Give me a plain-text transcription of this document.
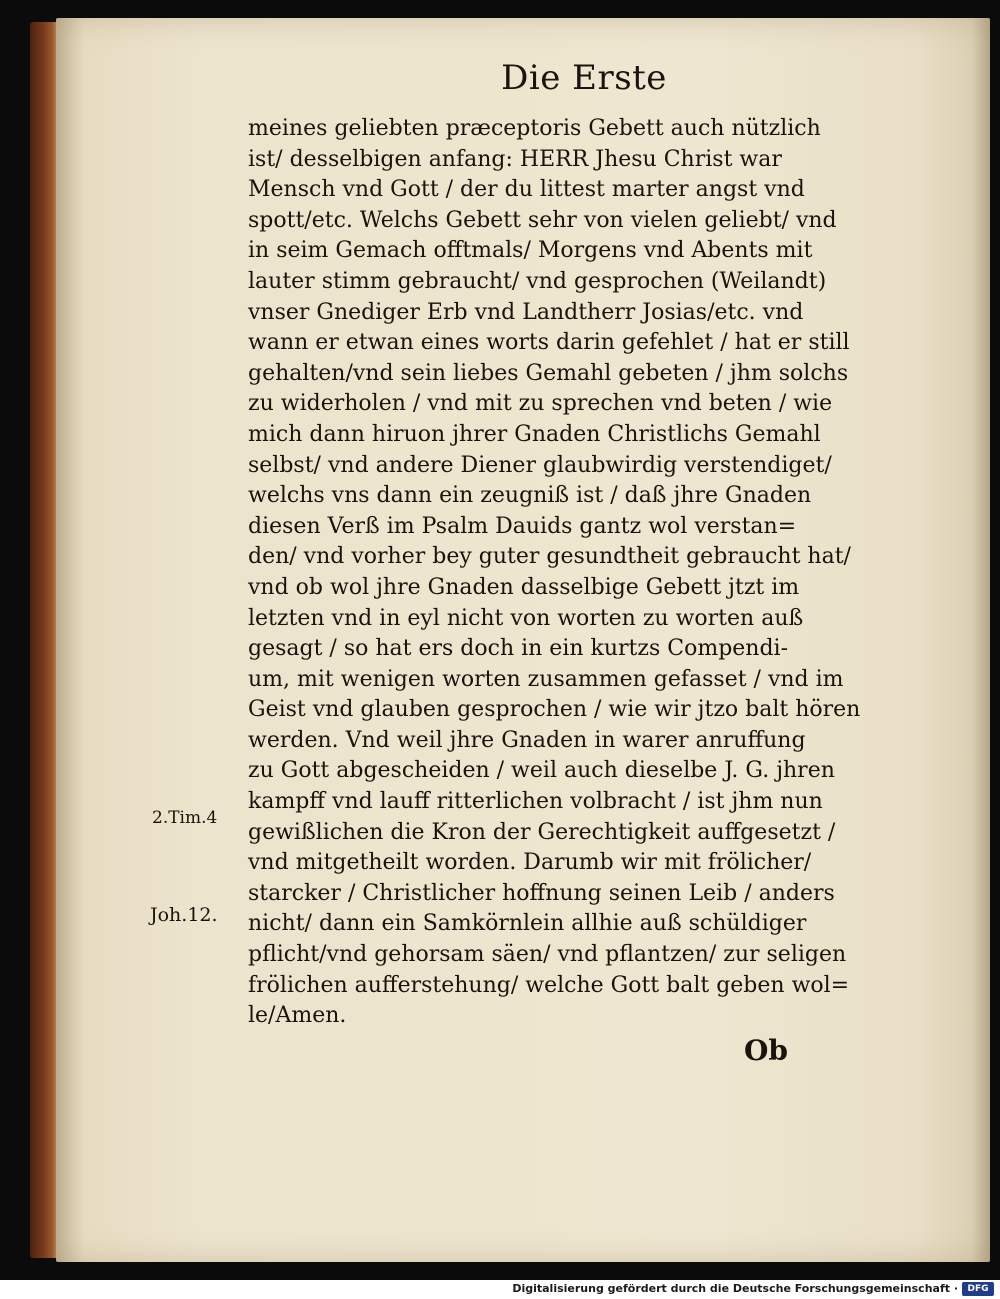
Die Erste
meines geliebten præceptoris Gebett auch nützlich
ist/ desselbigen anfang: HERR Jhesu Christ war
Mensch vnd Gott / der du littest marter angst vnd
spott/etc. Welchs Gebett sehr von vielen geliebt/ vnd
in seim Gemach offtmals/ Morgens vnd Abents mit
lauter stimm gebraucht/ vnd gesprochen (Weilandt)
vnser Gnediger Erb vnd Landtherr Josias/etc. vnd
wann er etwan eines worts darin gefehlet / hat er still
gehalten/vnd sein liebes Gemahl gebeten / jhm solchs
zu widerholen / vnd mit zu sprechen vnd beten / wie
mich dann hiruon jhrer Gnaden Christlichs Gemahl
selbst/ vnd andere Diener glaubwirdig verstendiget/
welchs vns dann ein zeugniß ist / daß jhre Gnaden
diesen Verß im Psalm Dauids gantz wol verstan=
den/ vnd vorher bey guter gesundtheit gebraucht hat/
vnd ob wol jhre Gnaden dasselbige Gebett jtzt im
letzten vnd in eyl nicht von worten zu worten auß
gesagt / so hat ers doch in ein kurtzs Compendi-
um, mit wenigen worten zusammen gefasset / vnd im
Geist vnd glauben gesprochen / wie wir jtzo balt hören
werden. Vnd weil jhre Gnaden in warer anruffung
zu Gott abgescheiden / weil auch dieselbe J. G. jhren
kampff vnd lauff ritterlichen volbracht / ist jhm nun
gewißlichen die Kron der Gerechtigkeit auffgesetzt /
vnd mitgetheilt worden. Darumb wir mit frölicher/
starcker / Christlicher hoffnung seinen Leib / anders
nicht/ dann ein Samkörnlein allhie auß schüldiger
pflicht/vnd gehorsam säen/ vnd pflantzen/ zur seligen
frölichen aufferstehung/ welche Gott balt geben wol=
le/Amen.
2.Tim.4
Joh.12.
Ob
Digitalisierung gefördert durch die Deutsche Forschungsgemeinschaft ·	DFG
